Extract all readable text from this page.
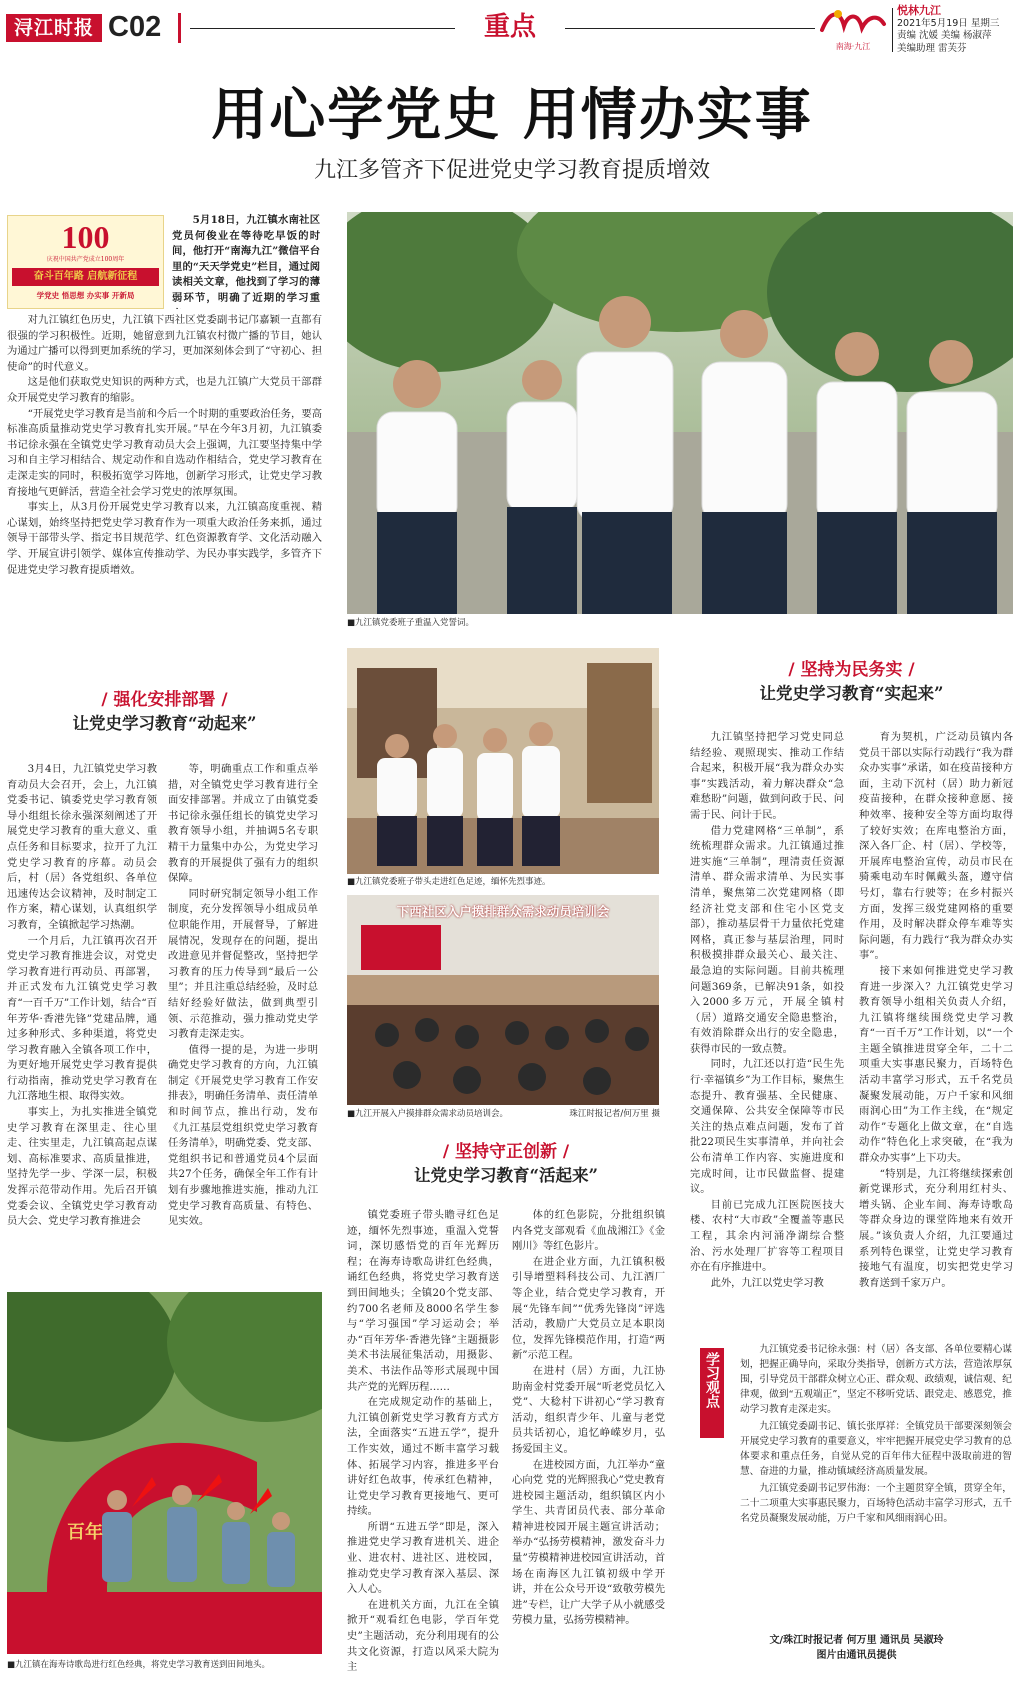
浔江时报 C02	重点
南海·九江
悦林九江
2021年5月19日 星期三
责编 沈媛 美编 杨淑萍
美编助理 雷芙芬
用心学党史 用情办实事
九江多管齐下促进党史学习教育提质增效
100
庆祝中国共产党成立100周年
奋斗百年路 启航新征程
学党史 悟思想 办实事 开新局

5月18日，九江镇水南社区党员何俊业在等待吃早饭的时间，他打开“南海九江”微信平台里的“天天学党史”栏目，通过阅读相关文章，他找到了学习的薄弱环节，明确了近期的学习重

对九江镇红色历史，九江镇下西社区党委副书记邝嘉颖一直都有很强的学习积极性。近期，她留意到九江镇农村微广播的节目，她认为通过广播可以得到更加系统的学习，更加深刻体会到了“守初心、担使命”的时代意义。

这是他们获取党史知识的两种方式，也是九江镇广大党员干部群众开展党史学习教育的缩影。

“开展党史学习教育是当前和今后一个时期的重要政治任务，要高标准高质量推动党史学习教育扎实开展。”早在今年3月初，九江镇委书记徐永强在全镇党史学习教育动员大会上强调，九江要坚持集中学习和自主学习相结合、规定动作和自选动作相结合，党史学习教育在走深走实的同时，积极拓宽学习阵地，创新学习形式，让党史学习教育接地气更鲜活，营造全社会学习党史的浓厚氛围。

事实上，从3月份开展党史学习教育以来，九江镇高度重视、精心谋划，始终坚持把党史学习教育作为一项重大政治任务来抓，通过领导干部带头学、指定书目规范学、红色资源教育学、文化活动融入学、开展宣讲引领学、媒体宣传推动学、为民办事实践学，多管齐下促进党史学习教育提质增效。

■九江镇党委班子重温入党誓词。
/ 强化安排部署 /
让党史学习教育“动起来”

3月4日，九江镇党史学习教育动员大会召开，会上，九江镇党委书记、镇委党史学习教育领导小组组长徐永强深刻阐述了开展党史学习教育的重大意义、重点任务和目标要求，拉开了九江党史学习教育的序幕。动员会后，村（居）各党组织、各单位迅速传达会议精神，及时制定工作方案，精心谋划，认真组织学习教育，全镇掀起学习热潮。

一个月后，九江镇再次召开党史学习教育推进会议，对党史学习教育进行再动员、再部署，并正式发布九江镇党史学习教育“一百千万”工作计划，结合“百年芳华·香港先锋”党建品牌，通过多种形式、多种渠道，将党史学习教育融入全镇各项工作中，为更好地开展党史学习教育提供行动指南，推动党史学习教育在九江落地生根、取得实效。

事实上，为扎实推进全镇党史学习教育在深里走、往心里走、往实里走，九江镇高起点谋划、高标准要求、高质量推进，坚持先学一步、学深一层，积极发挥示范带动作用。先后召开镇党委会议、全镇党史学习教育动员大会、党史学习教育推进会

等，明确重点工作和重点举措，对全镇党史学习教育进行全面安排部署。并成立了由镇党委书记徐永强任组长的镇党史学习教育领导小组，并抽调5名专职精干力量集中办公，为党史学习教育的开展提供了强有力的组织保障。

同时研究制定领导小组工作制度，充分发挥领导小组成员单位职能作用，开展督导，了解进展情况，发现存在的问题，提出改进意见并督促整改，坚持把学习教育的压力传导到“最后一公里”；并且注重总结经验，及时总结好经验好做法，做到典型引领、示范推动，强力推动党史学习教育走深走实。

值得一提的是，为进一步明确党史学习教育的方向，九江镇制定《开展党史学习教育工作安排表》，明确任务清单、责任清单和时间节点，推出行动，发布《九江基层党组织党史学习教育任务清单》，明确党委、党支部、党组织书记和普通党员4个层面共27个任务，确保全年工作有计划有步骤地推进实施，推动九江党史学习教育高质量、有特色、见实效。

■九江镇党委班子带头走进红色足迹，缅怀先烈事迹。
下西社区入户摸排群众需求动员培训会
■九江开展入户摸排群众需求动员培训会。	珠江时报记者/何万里 摄
/ 坚持为民务实 /
让党史学习教育“实起来”

九江镇坚持把学习党史同总结经验、观照现实、推动工作结合起来，积极开展“我为群众办实事”实践活动，着力解决群众“急难愁盼”问题，做到问政于民、问需于民、问计于民。

借力党建网格“三单制”，系统梳理群众需求。九江镇通过推进实施“三单制”，理清责任资源清单、群众需求清单、为民实事清单，聚焦第二次党建网格（即经济社党支部和住宅小区党支部），推动基层骨干力量依托党建网格，真正参与基层治理，同时积极摸排群众最关心、最关注、最急迫的实际问题。目前共梳理问题369条，已解决91条，如投入2000多万元，开展全镇村（居）道路交通安全隐患整治，有效消除群众出行的安全隐患，获得市民的一致点赞。

同时，九江还以打造“民生先行·幸福镇乡”为工作目标，聚焦生态提升、教育强基、全民健康、交通保障、公共安全保障等市民关注的热点难点问题，发布了首批22项民生实事清单，并向社会公布清单工作内容、实施进度和完成时间，让市民做监督、提建议。

目前已完成九江医院医技大楼、农村“大市政”全覆盖等惠民工程，其余内河涌净湖综合整治、污水处理厂扩容等工程项目亦在有序推进中。

此外，九江以党史学习教

育为契机，广泛动员镇内各党员干部以实际行动践行“我为群众办实事”承诺，如在疫苗接种方面，主动下沉村（居）助力新冠疫苗接种，在群众接种意愿、接种效率、接种安全等方面均取得了较好实效；在库电整治方面，深入各厂企、村（居）、学校等，开展库电整治宣传，动员市民在骑乘电动车时佩戴头盔，遵守信号灯，靠右行驶等；在乡村振兴方面，发挥三级党建网格的重要作用，及时解决群众停车难等实际问题，有力践行“我为群众办实事”。

接下来如何推进党史学习教育进一步深入？九江镇党史学习教育领导小组相关负责人介绍，九江镇将继续围绕党史学习教育“一百千万”工作计划，以“一个主题全镇推进贯穿全年，二十二项重大实事惠民聚力，百场特色活动丰富学习形式，五千名党员凝聚发展动能，万户千家和风细雨润心田”为工作主线，在“规定动作”专题化上做文章，在“自选动作”特色化上求突破，在“我为群众办实事”上下功夫。

“特别是，九江将继续探索创新党课形式，充分利用红村头、增头锅、企业车间、海寿诗歌岛等群众身边的课堂阵地来有效开展。”该负责人介绍，九江要通过系列特色课堂，让党史学习教育接地气有温度，切实把党史学习教育送到千家万户。

/ 坚持守正创新 /
让党史学习教育“活起来”

镇党委班子带头瞻寻红色足迹，缅怀先烈事迹，重温入党誓词，深切感悟党的百年光辉历程；在海寿诗歌岛讲红色经典，诵红色经典，将党史学习教育送到田间地头；全镇20个党支部、约700名老师及8000名学生参与“学习强国”学习运动会；举办“百年芳华·香港先锋”主题摄影美术书法展征集活动，用摄影、美术、书法作品等形式展现中国共产党的光辉历程……

在完成规定动作的基础上，九江镇创新党史学习教育方式方法，全面落实“五进五学”，提升工作实效，通过不断丰富学习载体、拓展学习内容，推进多平台讲好红色故事，传承红色精神，让党史学习教育更接地气、更可持续。

所谓“五进五学”即是，深入推进党史学习教育进机关、进企业、进农村、进社区、进校园，推动党史学习教育深入基层、深入人心。

在进机关方面，九江在全镇掀开“观看红色电影，学百年党史”主题活动，充分利用现有的公共文化资源，打造以风采大院为主

体的红色影院，分批组织镇内各党支部观看《血战湘江》《金刚川》等红色影片。

在进企业方面，九江镇积极引导增塑料科技公司、九江酒厂等企业，结合党史学习教育，开展“先锋车间”“优秀先锋岗”评选活动，教励广大党员立足本职岗位，发挥先锋模范作用，打造“两新”示范工程。

在进村（居）方面，九江协助南金村党委开展“听老党员忆入党”、大稔村下讲初心“学习教育活动，组织青少年、儿童与老党员共话初心，追忆峥嵘岁月，弘扬爱国主义。

在进校园方面，九江举办“童心向党 党的光辉照我心”党史教育进校园主题活动，组织镇区内小学生、共青团员代表、部分革命精神进校园开展主题宣讲活动；举办“弘扬劳模精神，激发奋斗力量”劳模精神进校园宣讲活动，首场在南海区九江镇初级中学开讲，并在公众号开设“致敬劳模先进”专栏，让广大学子从小就感受劳模力量，弘扬劳模精神。

百年
■九江镇在海寿诗歌岛进行红色经典，将党史学习教育送到田间地头。
学习观点

九江镇党委书记徐永强：村（居）各支部、各单位要精心谋划，把握正确导向，采取分类指导，创新方式方法，营造浓厚氛围，引导党员干部群众树立心正、群众观、政绩观，诚信观、纪律观，做到“五观端正”，坚定不移听党话、跟党走、感恩党，推动学习教育走深走实。

九江镇党委副书记、镇长张厚祥：全镇党员干部要深刻领会开展党史学习教育的重要意义，牢牢把握开展党史学习教育的总体要求和重点任务，自觉从党的百年伟大征程中汲取前进的智慧、奋进的力量，推动镇域经济高质量发展。

九江镇党委副书记罗伟海：一个主题贯穿全镇，贯穿全年，二十二项重大实事惠民聚力，百场特色活动丰富学习形式，五千名党员凝聚发展动能，万户千家和风细雨润心田。

文/珠江时报记者 何万里 通讯员 吴淑玲
图片由通讯员提供
